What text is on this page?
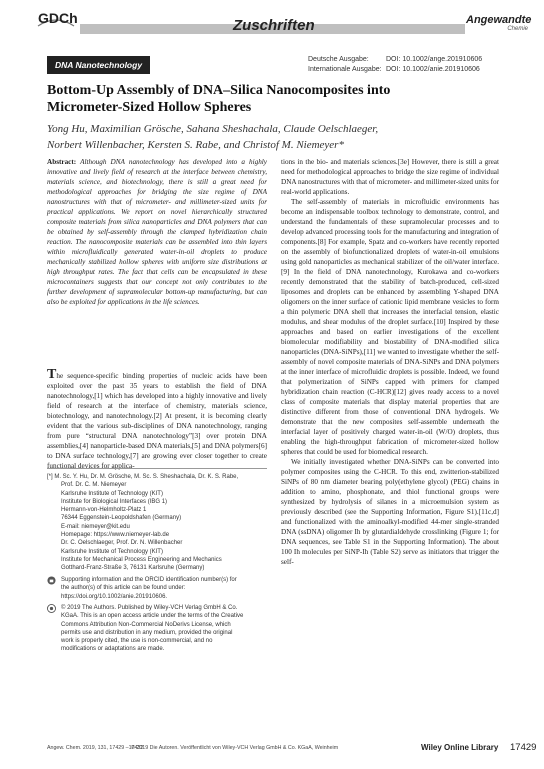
GDCh	Zuschriften	Angewandte
Chemie
DNA Nanotechnology
Deutsche Ausgabe: DOI: 10.1002/ange.201910606
Internationale Ausgabe: DOI: 10.1002/anie.201910606
Bottom-Up Assembly of DNA–Silica Nanocomposites into
Micrometer-Sized Hollow Spheres
Yong Hu, Maximilian Grösche, Sahana Sheshachala, Claude Oelschlaeger,
Norbert Willenbacher, Kersten S. Rabe, and Christof M. Niemeyer*

Abstract: Although DNA nanotechnology has developed into a highly innovative and lively field of research at the interface between chemistry, materials science, and biotechnology, there is still a great need for methodological approaches for bridging the size regime of DNA nanostructures with that of micrometer- and millimeter-sized units for practical applications. We report on novel hierarchically structured composite materials from silica nanoparticles and DNA polymers that can be obtained by self-assembly through the clamped hybridization chain reaction. The nanocomposite materials can be assembled into thin layers within microfluidically generated water-in-oil droplets to produce mechanically stabilized hollow spheres with uniform size distributions at high throughput rates. The fact that cells can be encapsulated in these microcontainers suggests that our concept not only contributes to the further development of supramolecular bottom-up manufacturing, but can also be exploited for applications in the life sciences.

The sequence-specific binding properties of nucleic acids have been exploited over the past 35 years to establish the field of DNA nanotechnology,[1] which has developed into a highly innovative and lively field of research at the interface of chemistry, materials science, biotechnology, and nanotechnology.[2] At present, it is becoming clearly evident that the various sub-disciplines of DNA nanotechnology, ranging from pure “structural DNA nanotechnology”[3] over protein DNA assemblies,[4] nanoparticle-based DNA materials,[5] and DNA polymers[6] to DNA surface technology,[7] are growing ever closer together to create functional devices for applica-

[*] M. Sc. Y. Hu, Dr. M. Grösche, M. Sc. S. Sheshachala, Dr. K. S. Rabe,
Prof. Dr. C. M. Niemeyer
Karlsruhe Institute of Technology (KIT)
Institute for Biological Interfaces (IBG 1)
Hermann-von-Helmholtz-Platz 1
76344 Eggenstein-Leopoldshafen (Germany)
E-mail: niemeyer@kit.edu
Homepage: https://www.niemeyer-lab.de
Dr. C. Oelschlaeger, Prof. Dr. N. Willenbacher
Karlsruhe Institute of Technology (KIT)
Institute for Mechanical Process Engineering and Mechanics
Gotthard-Franz-Straße 3, 76131 Karlsruhe (Germany)
Supporting information and the ORCID identification number(s) for
the author(s) of this article can be found under:
https://doi.org/10.1002/anie.201910606.
© 2019 The Authors. Published by Wiley-VCH Verlag GmbH & Co.
KGaA. This is an open access article under the terms of the Creative
Commons Attribution Non-Commercial NoDerivs License, which
permits use and distribution in any medium, provided the original
work is properly cited, the use is non-commercial, and no
modifications or adaptations are made.

tions in the bio- and materials sciences.[3e] However, there is still a great need for methodological approaches to bridge the size regime of individual DNA nanostructures with that of micrometer- and millimeter-sized units for real-world applications.

The self-assembly of materials in microfluidic environments has become an indispensable toolbox technology to demonstrate, control, and understand the fundamentals of these supramolecular processes and to develop advanced processing tools for the manufacturing and integration of components.[8] For example, Spatz and co-workers have recently reported on the assembly of biofunctionalized droplets of water-in-oil emulsions using gold nanoparticles as mechanical stabilizer of the oil/water interface.[9] In the field of DNA nanotechnology, Kurokawa and co-workers recently demonstrated that the stability of batch-produced, cell-sized liposomes and droplets can be enhanced by assembling Y-shaped DNA oligomers on the inner surface of cationic lipid membrane vesicles to form a thin polymeric DNA shell that increases the interfacial tension, elastic modulus, and shear modulus of the droplet surface.[10] Inspired by these approaches and based on earlier investigations of the excellent biomolecular modifiability and biostability of DNA-modified silica nanoparticles (DNA-SiNPs),[11] we wanted to investigate whether the self-assembly of novel composite materials of DNA-SiNPs and DNA polymers at the inner interface of microfluidic droplets is possible. Indeed, we found that polymerization of SiNPs capped with primers for clamped hybridization chain reaction (C-HCR)[12] gives ready access to a novel class of composite materials that display material properties that are distinctive different from those of conventional DNA hydrogels. We demonstrate that the new composites self-assemble underneath the interfacial layer of positively charged water-in-oil (W/O) droplets, thus enabling the high-throughput fabrication of micrometer-sized hollow spheres that could be used for biomedical research.

We initially investigated whether DNA-SiNPs can be converted into polymer composites using the C-HCR. To this end, zwitterion-stabilized SiNPs of 80 nm diameter bearing poly(ethylene glycol) (PEG) chains in addition to amino, phosphonate, and thiol functional groups were synthesized by hydrolysis of silanes in a microemulsion system as previously described (see the Supporting Information, Figure S1).[11c,d] and functionalized with the aminoalkyl-modified 44-mer single-stranded DNA (ssDNA) oligomer Ih by glutardialdehyde crosslinking (Figure 1; for DNA sequences, see Table S1 in the Supporting Information). The about 100 Ih molecules per SiNP-Ih (Table S2) serve as initiators that trigger the self-

Angew. Chem. 2019, 131, 17429 –17432
© 2019 Die Autoren. Veröffentlicht von Wiley-VCH Verlag GmbH & Co. KGaA, Weinheim	Wiley Online Library 17429
